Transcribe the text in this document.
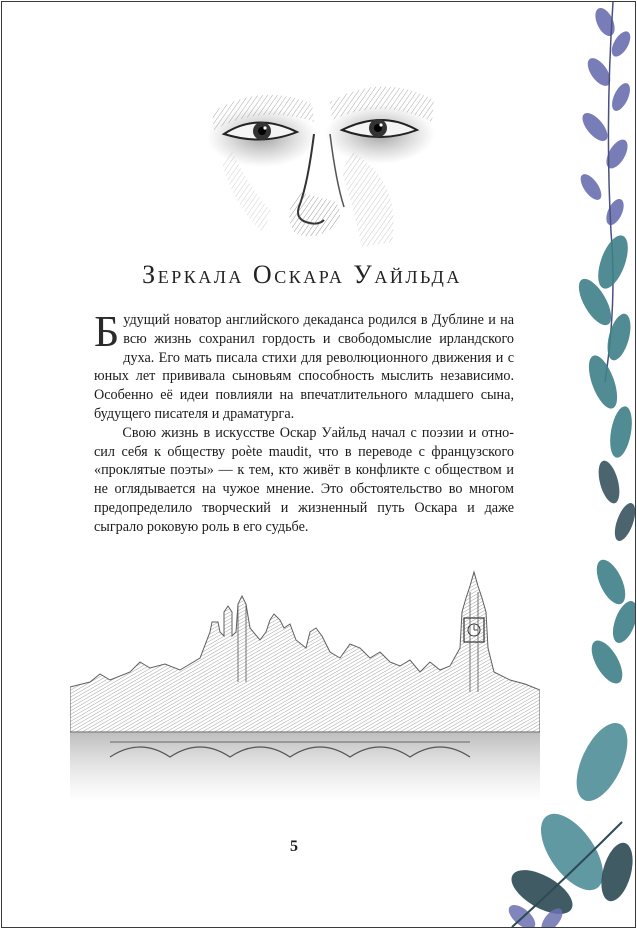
Зеркала Оскара Уайльда

Будущий новатор английского декаданса родился в Дублине и на всю жизнь сохранил гордость и свободомыслие ирландского духа. Его мать писала стихи для революционного движения и с юных лет прививала сыновьям способность мыслить независимо. Особенно её идеи повлияли на впечатлительного младшего сына, будущего писателя и драматурга.

Свою жизнь в искусстве Оскар Уайльд начал с поэзии и относил себя к обществу poète maudit, что в переводе с французского «проклятые поэты» — к тем, кто живёт в конфликте с обществом и не оглядывается на чужое мнение. Это обстоятельство во многом предопределило творческий и жизненный путь Оскара и даже сыграло роковую роль в его судьбе.

5
